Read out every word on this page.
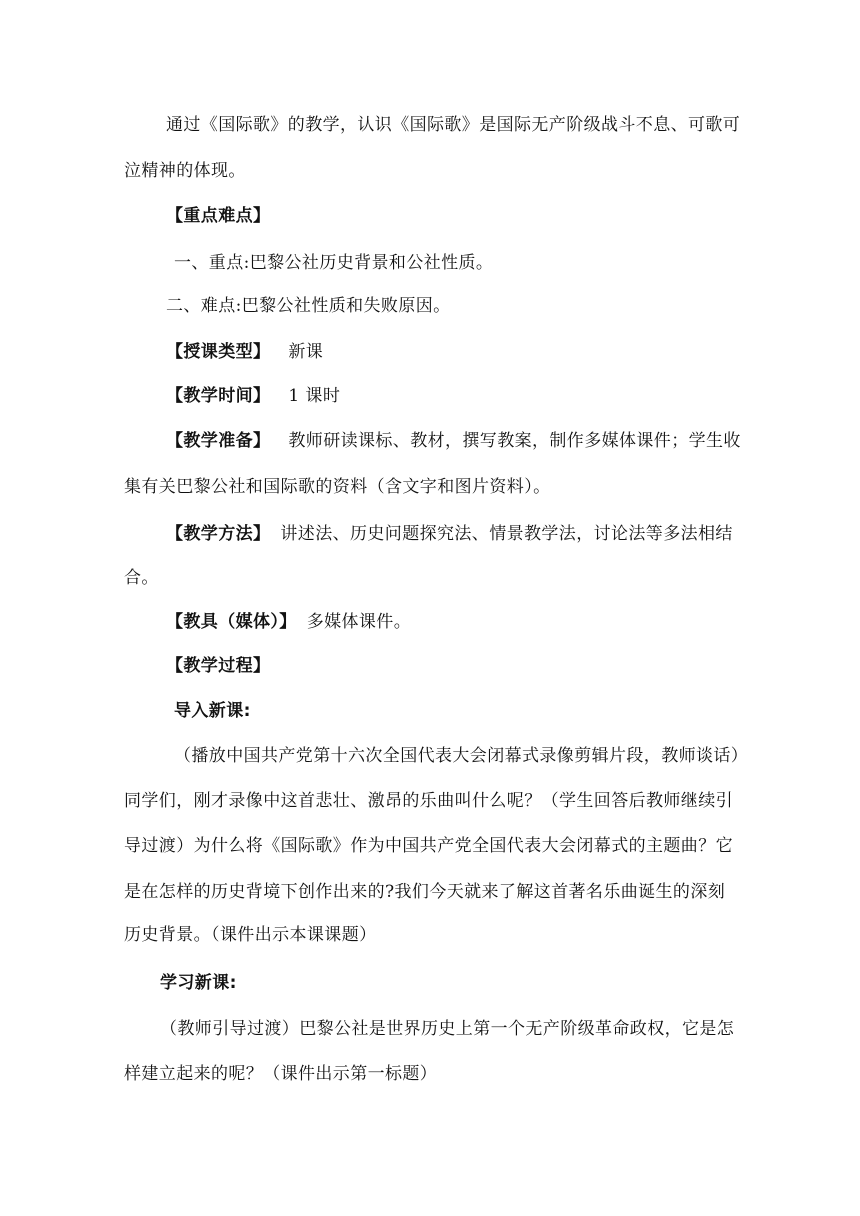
通过《国际歌》的教学，认识《国际歌》是国际无产阶级战斗不息、可歌可
泣精神的体现。
【重点难点】
一、重点:巴黎公社历史背景和公社性质。
二、难点:巴黎公社性质和失败原因。
【授课类型】 新课
【教学时间】 1 课时
【教学准备】 教师研读课标、教材，撰写教案，制作多媒体课件；学生收
集有关巴黎公社和国际歌的资料（含文字和图片资料）。
【教学方法】 讲述法、历史问题探究法、情景教学法，讨论法等多法相结
合。
【教具（媒体）】 多媒体课件。
【教学过程】
导入新课:
（播放中国共产党第十六次全国代表大会闭幕式录像剪辑片段，教师谈话）
同学们，刚才录像中这首悲壮、激昂的乐曲叫什么呢？（学生回答后教师继续引
导过渡）为什么将《国际歌》作为中国共产党全国代表大会闭幕式的主题曲？它
是在怎样的历史背境下创作出来的?我们今天就来了解这首著名乐曲诞生的深刻
历史背景。（课件出示本课课题）
学习新课:
（教师引导过渡）巴黎公社是世界历史上第一个无产阶级革命政权，它是怎
样建立起来的呢？（课件出示第一标题）
